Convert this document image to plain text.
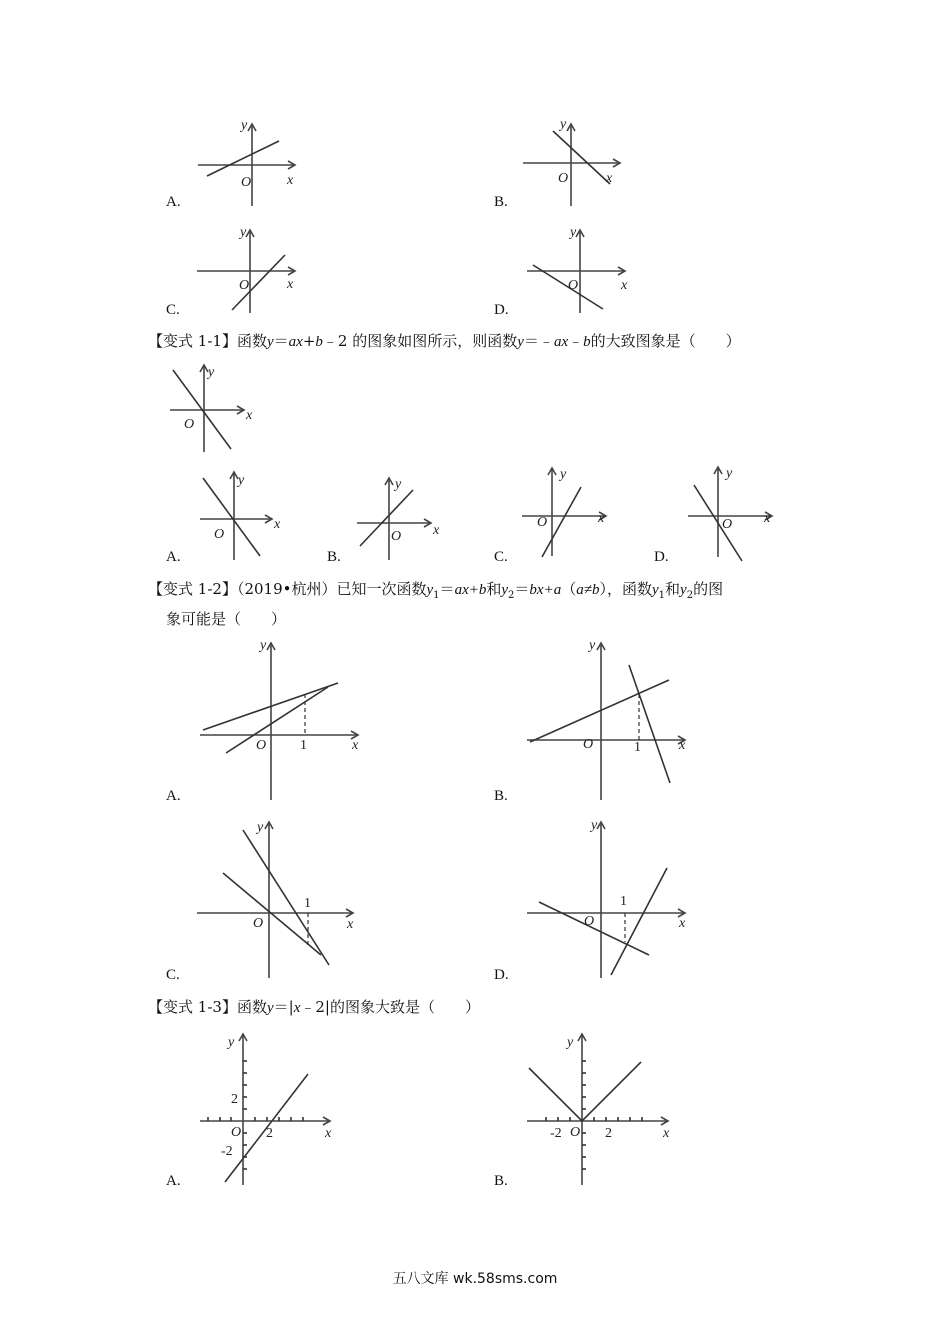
y
x
O
A.
y
x
O
B.
y
x
O
C.
y
x
O
D.
【变式 1-1】函数y＝ax+b﹣2 的图象如图所示，则函数y＝﹣ax﹣b的大致图象是（　　）
y
x
O
y
x
O
A.
y
x
O
B.
y
x
O
C.
y
x
O
D.
【变式 1-2】（2019•杭州）已知一次函数$y_1=ax+b$和$y_2=bx+a(a\ne b)$，函数$y_1$和$y_2$的图
象可能是（　　）
y
x
O 1
A.
y
x
O	1
B.
y
x
O
1
C.
y
x
O
1
D.
【变式 1-3】函数y＝|x﹣2|的图象大致是（　　）
y
x
O
2
2
-2
A.
y
x
O 2
-2
B.
五八文库 wk.58sms.com
